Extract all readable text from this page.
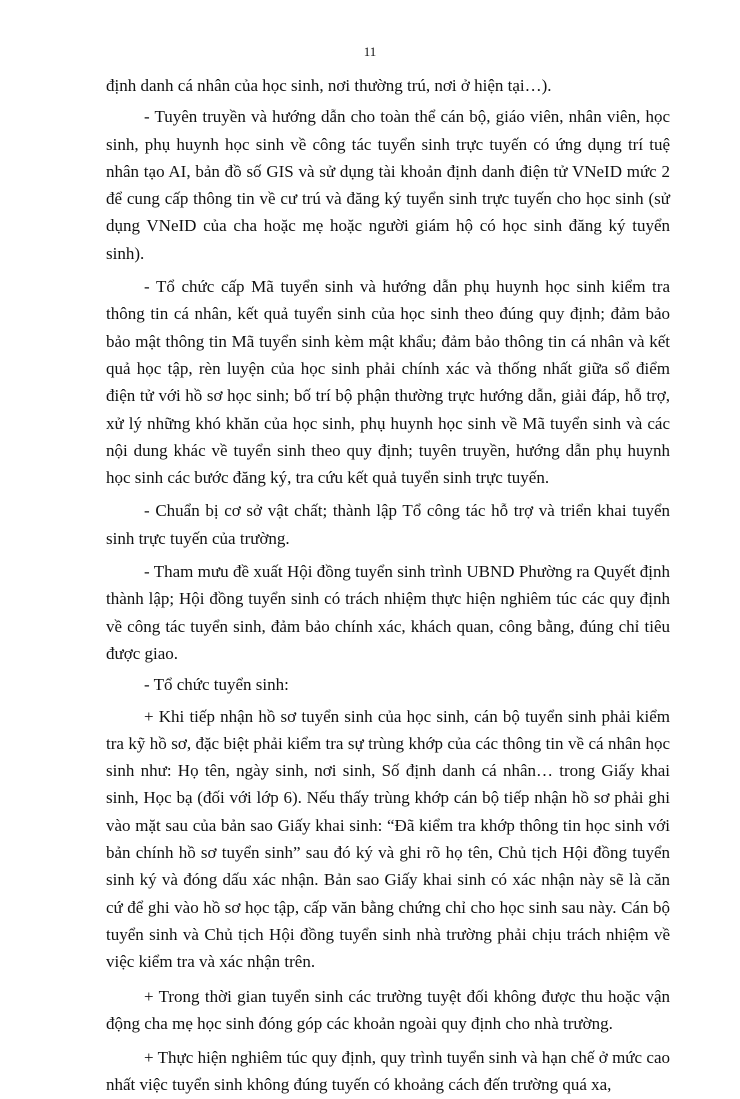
11

định danh cá nhân của học sinh, nơi thường trú, nơi ở hiện tại…).

- Tuyên truyền và hướng dẫn cho toàn thể cán bộ, giáo viên, nhân viên, học sinh, phụ huynh học sinh về công tác tuyển sinh trực tuyến có ứng dụng trí tuệ nhân tạo AI, bản đồ số GIS và sử dụng tài khoản định danh điện tử VNeID mức 2 để cung cấp thông tin về cư trú và đăng ký tuyển sinh trực tuyến cho học sinh (sử dụng VNeID của cha hoặc mẹ hoặc người giám hộ có học sinh đăng ký tuyển sinh).

- Tổ chức cấp Mã tuyển sinh và hướng dẫn phụ huynh học sinh kiểm tra thông tin cá nhân, kết quả tuyển sinh của học sinh theo đúng quy định; đảm bảo bảo mật thông tin Mã tuyển sinh kèm mật khẩu; đảm bảo thông tin cá nhân và kết quả học tập, rèn luyện của học sinh phải chính xác và thống nhất giữa sổ điểm điện tử với hồ sơ học sinh; bố trí bộ phận thường trực hướng dẫn, giải đáp, hỗ trợ, xử lý những khó khăn của học sinh, phụ huynh học sinh về Mã tuyển sinh và các nội dung khác về tuyển sinh theo quy định; tuyên truyền, hướng dẫn phụ huynh học sinh các bước đăng ký, tra cứu kết quả tuyển sinh trực tuyến.

- Chuẩn bị cơ sở vật chất; thành lập Tổ công tác hỗ trợ và triển khai tuyển sinh trực tuyến của trường.

- Tham mưu đề xuất Hội đồng tuyển sinh trình UBND Phường ra Quyết định thành lập; Hội đồng tuyển sinh có trách nhiệm thực hiện nghiêm túc các quy định về công tác tuyển sinh, đảm bảo chính xác, khách quan, công bằng, đúng chỉ tiêu được giao.

- Tổ chức tuyển sinh:

+ Khi tiếp nhận hồ sơ tuyển sinh của học sinh, cán bộ tuyển sinh phải kiểm tra kỹ hồ sơ, đặc biệt phải kiểm tra sự trùng khớp của các thông tin về cá nhân học sinh như: Họ tên, ngày sinh, nơi sinh, Số định danh cá nhân… trong Giấy khai sinh, Học bạ (đối với lớp 6). Nếu thấy trùng khớp cán bộ tiếp nhận hồ sơ phải ghi vào mặt sau của bản sao Giấy khai sinh: “Đã kiểm tra khớp thông tin học sinh với bản chính hồ sơ tuyển sinh” sau đó ký và ghi rõ họ tên, Chủ tịch Hội đồng tuyển sinh ký và đóng dấu xác nhận. Bản sao Giấy khai sinh có xác nhận này sẽ là căn cứ để ghi vào hồ sơ học tập, cấp văn bằng chứng chỉ cho học sinh sau này. Cán bộ tuyển sinh và Chủ tịch Hội đồng tuyển sinh nhà trường phải chịu trách nhiệm về việc kiểm tra và xác nhận trên.

+ Trong thời gian tuyển sinh các trường tuyệt đối không được thu hoặc vận động cha mẹ học sinh đóng góp các khoản ngoài quy định cho nhà trường.

+ Thực hiện nghiêm túc quy định, quy trình tuyển sinh và hạn chế ở mức cao nhất việc tuyển sinh không đúng tuyến có khoảng cách đến trường quá xa,
